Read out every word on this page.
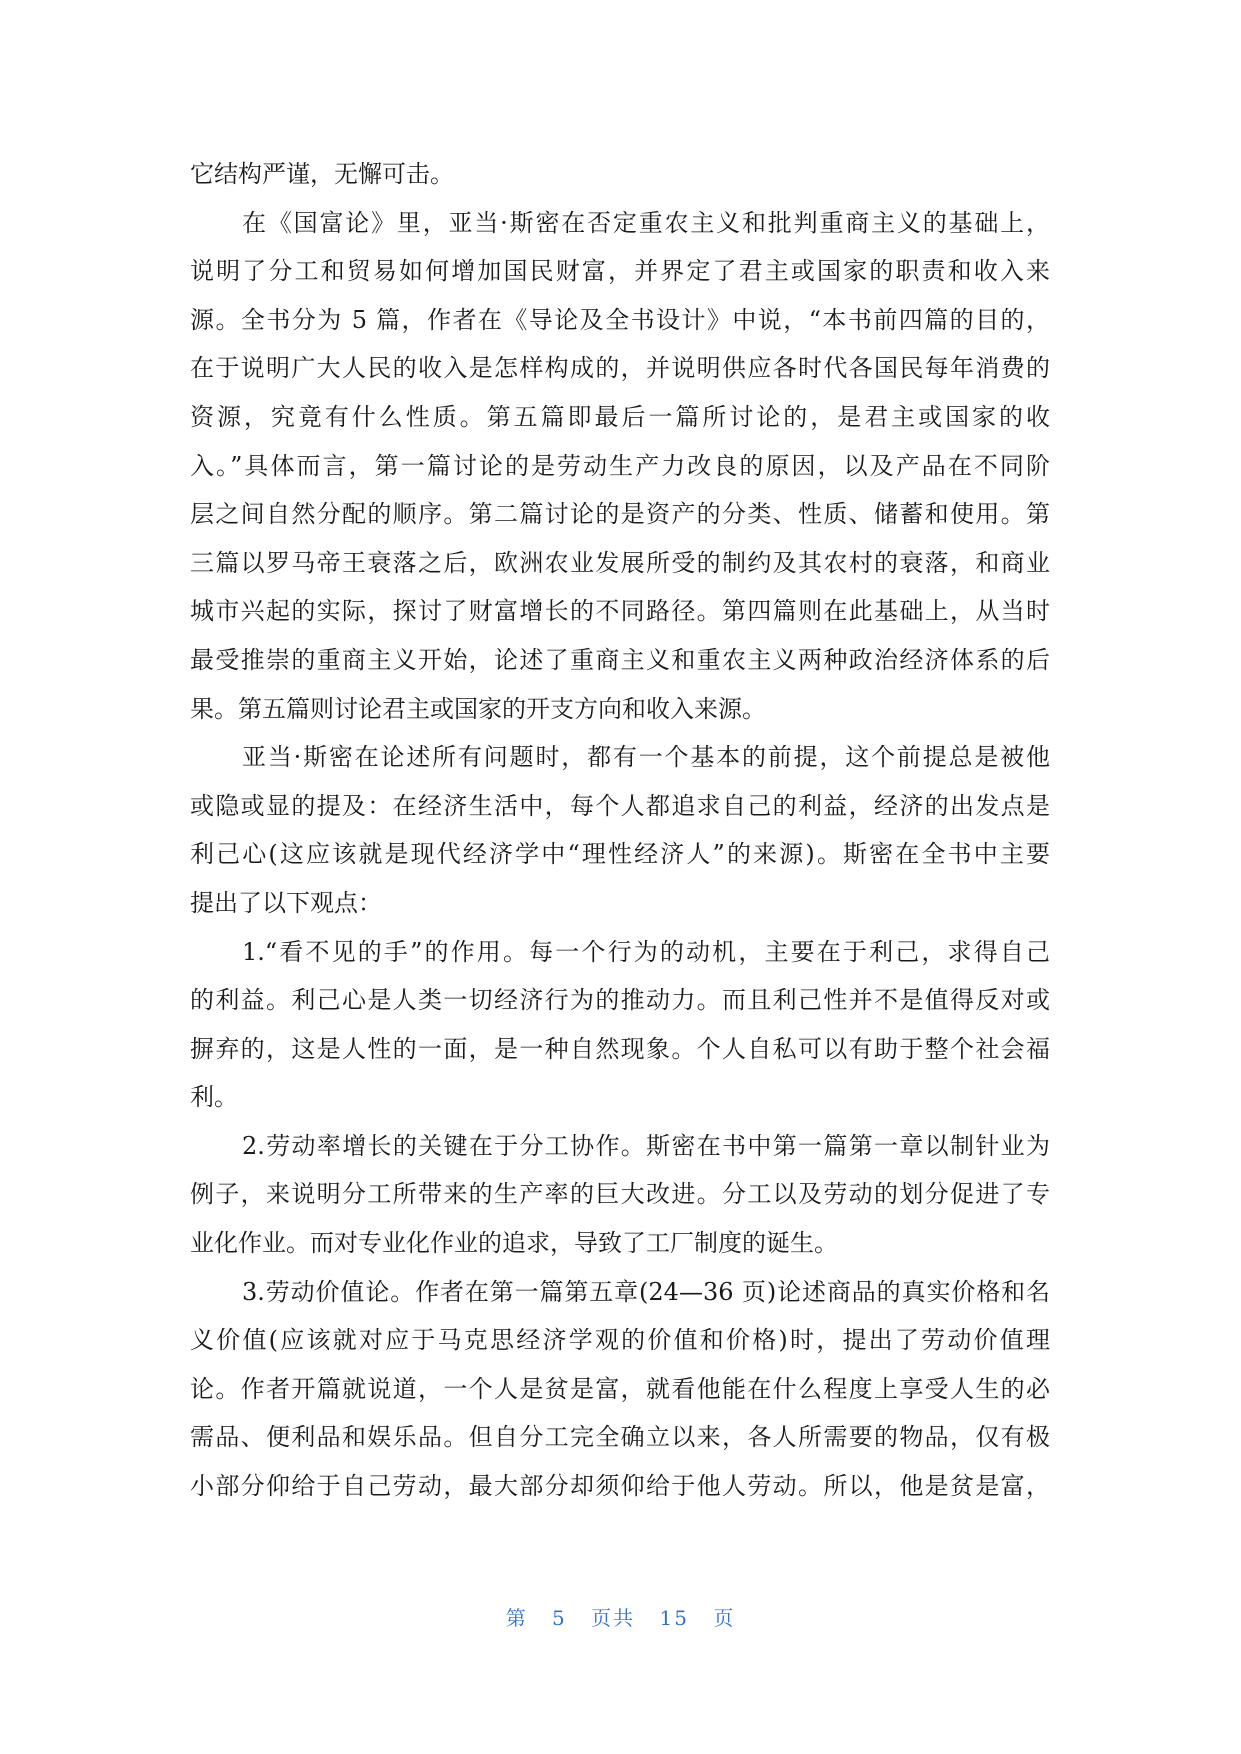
它结构严谨，无懈可击。
在《国富论》里，亚当·斯密在否定重农主义和批判重商主义的基础上，
说明了分工和贸易如何增加国民财富，并界定了君主或国家的职责和收入来
源。全书分为 5 篇，作者在《导论及全书设计》中说，“本书前四篇的目的，
在于说明广大人民的收入是怎样构成的，并说明供应各时代各国民每年消费的
资源，究竟有什么性质。第五篇即最后一篇所讨论的，是君主或国家的收
入。”具体而言，第一篇讨论的是劳动生产力改良的原因，以及产品在不同阶
层之间自然分配的顺序。第二篇讨论的是资产的分类、性质、储蓄和使用。第
三篇以罗马帝王衰落之后，欧洲农业发展所受的制约及其农村的衰落，和商业
城市兴起的实际，探讨了财富增长的不同路径。第四篇则在此基础上，从当时
最受推崇的重商主义开始，论述了重商主义和重农主义两种政治经济体系的后
果。第五篇则讨论君主或国家的开支方向和收入来源。
亚当·斯密在论述所有问题时，都有一个基本的前提，这个前提总是被他
或隐或显的提及：在经济生活中，每个人都追求自己的利益，经济的出发点是
利己心(这应该就是现代经济学中“理性经济人”的来源)。斯密在全书中主要
提出了以下观点：
1.“看不见的手”的作用。每一个行为的动机，主要在于利己，求得自己
的利益。利己心是人类一切经济行为的推动力。而且利己性并不是值得反对或
摒弃的，这是人性的一面，是一种自然现象。个人自私可以有助于整个社会福
利。
2.劳动率增长的关键在于分工协作。斯密在书中第一篇第一章以制针业为
例子，来说明分工所带来的生产率的巨大改进。分工以及劳动的划分促进了专
业化作业。而对专业化作业的追求，导致了工厂制度的诞生。
3.劳动价值论。作者在第一篇第五章(24—36 页)论述商品的真实价格和名
义价值(应该就对应于马克思经济学观的价值和价格)时，提出了劳动价值理
论。作者开篇就说道，一个人是贫是富，就看他能在什么程度上享受人生的必
需品、便利品和娱乐品。但自分工完全确立以来，各人所需要的物品，仅有极
小部分仰给于自己劳动，最大部分却须仰给于他人劳动。所以，他是贫是富，
第 5 页共 15 页
